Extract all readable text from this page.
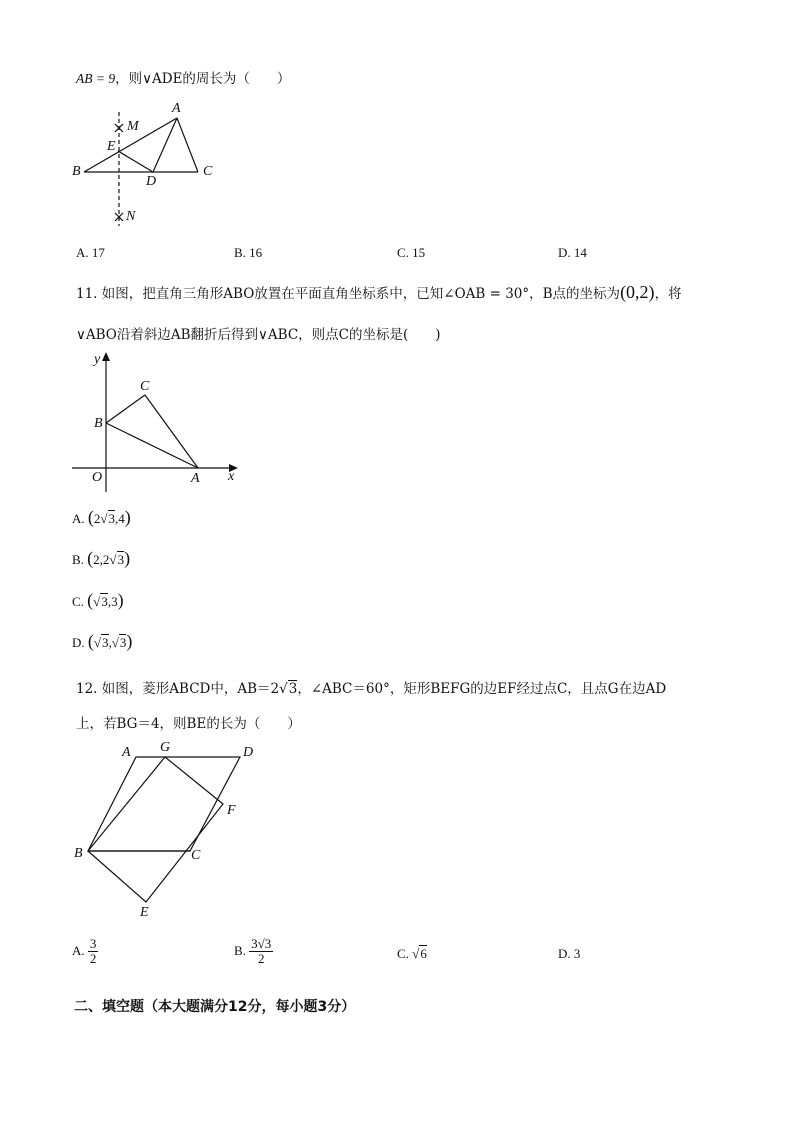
AB = 9，则∨ADE的周长为（　　）
A
M
E
B
D
C
N
A. 17	B. 16	C. 15	D. 14
11. 如图，把直角三角形ABO放置在平面直角坐标系中，已知∠OAB = 30°，B点的坐标为(0,2)，将
∨ABO沿着斜边AB翻折后得到∨ABC，则点C的坐标是(　　)
y
C
B
O	A x
A. (2√3,4)
B. (2,2√3)
C. (√3,3)
D. (√3,√3)
12. 如图，菱形ABCD中，AB＝2√3，∠ABC＝60°，矩形BEFG的边EF经过点C，且点G在边AD
上，若BG＝4，则BE的长为（　　）
A G	D
F
B	C
E
A. $\frac{3}{2}$	B. $\frac{3√3}{2}$	C. √6	D. 3
二、填空题（本大题满分12分，每小题3分）
